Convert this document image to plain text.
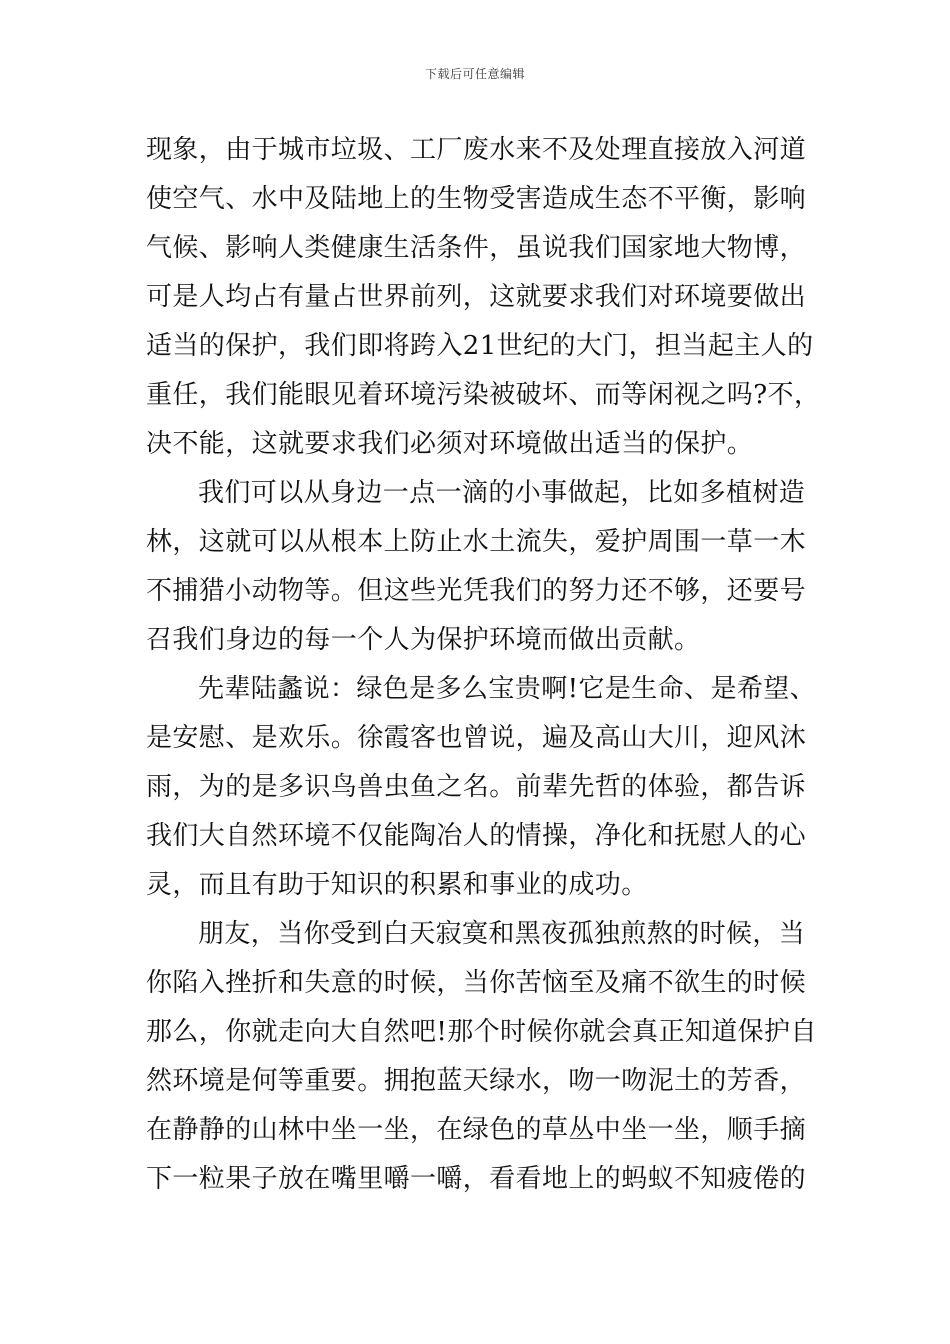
下载后可任意编辑
现象，由于城市垃圾、工厂废水来不及处理直接放入河道
使空气、水中及陆地上的生物受害造成生态不平衡，影响
气候、影响人类健康生活条件，虽说我们国家地大物博，
可是人均占有量占世界前列，这就要求我们对环境要做出
适当的保护，我们即将跨入21世纪的大门，担当起主人的
重任，我们能眼见着环境污染被破坏、而等闲视之吗?不，
决不能，这就要求我们必须对环境做出适当的保护。
我们可以从身边一点一滴的小事做起，比如多植树造
林，这就可以从根本上防止水土流失，爱护周围一草一木
不捕猎小动物等。但这些光凭我们的努力还不够，还要号
召我们身边的每一个人为保护环境而做出贡献。
先辈陆蠡说：绿色是多么宝贵啊!它是生命、是希望、
是安慰、是欢乐。徐霞客也曾说，遍及高山大川，迎风沐
雨，为的是多识鸟兽虫鱼之名。前辈先哲的体验，都告诉
我们大自然环境不仅能陶冶人的情操，净化和抚慰人的心
灵，而且有助于知识的积累和事业的成功。
朋友，当你受到白天寂寞和黑夜孤独煎熬的时候，当
你陷入挫折和失意的时候，当你苦恼至及痛不欲生的时候
那么，你就走向大自然吧!那个时候你就会真正知道保护自
然环境是何等重要。拥抱蓝天绿水，吻一吻泥土的芳香，
在静静的山林中坐一坐，在绿色的草丛中坐一坐，顺手摘
下一粒果子放在嘴里嚼一嚼，看看地上的蚂蚁不知疲倦的
